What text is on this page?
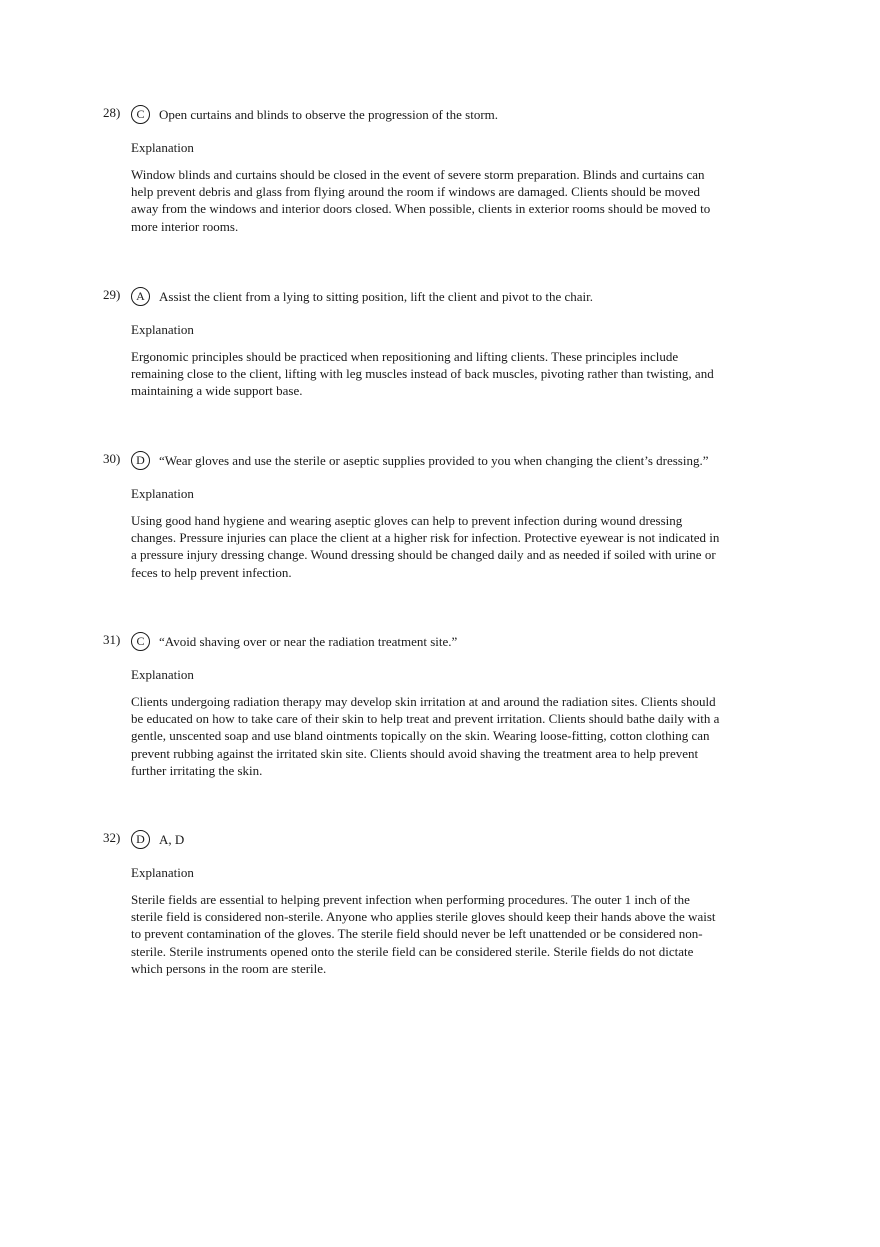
28)	C	Open curtains and blinds to observe the progression of the storm.
Explanation

Window blinds and curtains should be closed in the event of severe storm preparation. Blinds and curtains can help prevent debris and glass from flying around the room if windows are damaged. Clients should be moved away from the windows and interior doors closed. When possible, clients in exterior rooms should be moved to more interior rooms.

29)	A	Assist the client from a lying to sitting position, lift the client and pivot to the chair.
Explanation

Ergonomic principles should be practiced when repositioning and lifting clients. These principles include remaining close to the client, lifting with leg muscles instead of back muscles, pivoting rather than twisting, and maintaining a wide support base.

30)	D	“Wear gloves and use the sterile or aseptic supplies provided to you when changing the client’s dressing.”
Explanation

Using good hand hygiene and wearing aseptic gloves can help to prevent infection during wound dressing changes. Pressure injuries can place the client at a higher risk for infection. Protective eyewear is not indicated in a pressure injury dressing change. Wound dressing should be changed daily and as needed if soiled with urine or feces to help prevent infection.

31)	C	“Avoid shaving over or near the radiation treatment site.”
Explanation

Clients undergoing radiation therapy may develop skin irritation at and around the radiation sites. Clients should be educated on how to take care of their skin to help treat and prevent irritation. Clients should bathe daily with a gentle, unscented soap and use bland ointments topically on the skin. Wearing loose-fitting, cotton clothing can prevent rubbing against the irritated skin site. Clients should avoid shaving the treatment area to help prevent further irritating the skin.

32)	D	A, D
Explanation

Sterile fields are essential to helping prevent infection when performing procedures. The outer 1 inch of the sterile field is considered non-sterile. Anyone who applies sterile gloves should keep their hands above the waist to prevent contamination of the gloves. The sterile field should never be left unattended or be considered non-sterile. Sterile instruments opened onto the sterile field can be considered sterile. Sterile fields do not dictate which persons in the room are sterile.
